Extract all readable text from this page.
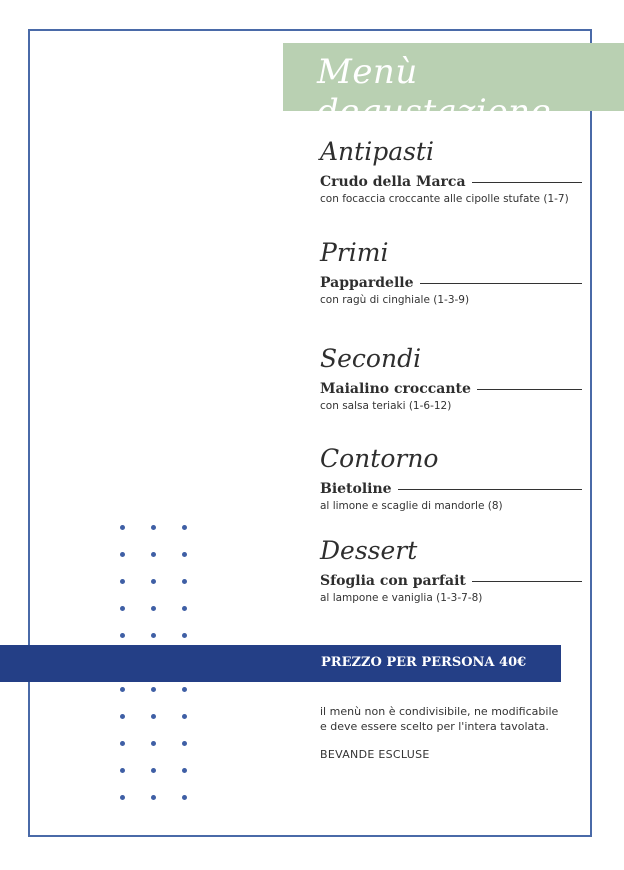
Menù degustazione
Antipasti
Crudo della Marca
con focaccia croccante alle cipolle stufate (1-7)
Primi
Pappardelle
con ragù di cinghiale (1-3-9)
Secondi
Maialino croccante
con salsa teriaki (1-6-12)
Contorno
Bietoline
al limone e scaglie di mandorle (8)
Dessert
Sfoglia con parfait
al lampone e vaniglia (1-3-7-8)
PREZZO PER PERSONA 40€

il menù non è condivisibile, ne modificabile

e deve essere scelto per l'intera tavolata.

BEVANDE ESCLUSE
